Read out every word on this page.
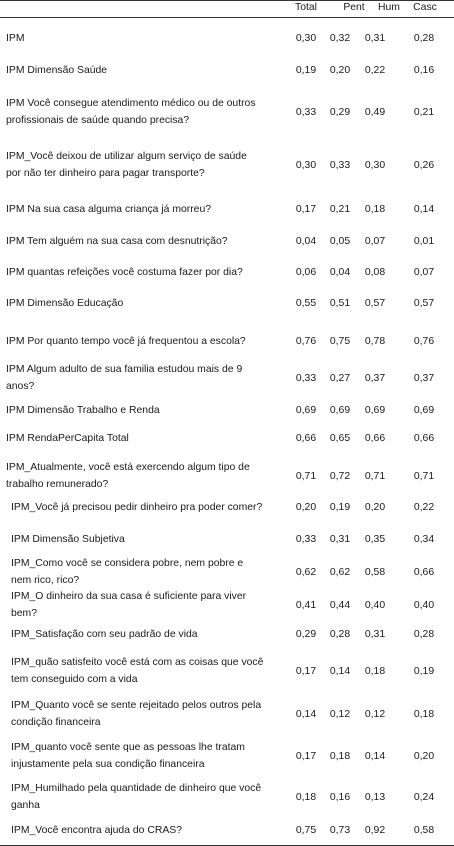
Total	Pent	Hum	Casc
IPM	0,30	0,32	0,31	0,28
IPM Dimensão Saúde	0,19	0,20	0,22	0,16
IPM Você consegue atendimento médico ou de outros
profissionais de saúde quando precisa?
0,33	0,29	0,49	0,21
IPM_Você deixou de utilizar algum serviço de saúde
por não ter dinheiro para pagar transporte?
0,30	0,33	0,30	0,26
IPM Na sua casa alguma criança já morreu?	0,17	0,21	0,18	0,14
IPM Tem alguém na sua casa com desnutrição?	0,04	0,05	0,07	0,01
IPM quantas refeições você costuma fazer por dia?	0,06	0,04	0,08	0,07
IPM Dimensão Educação	0,55	0,51	0,57	0,57
IPM Por quanto tempo você já frequentou a escola?	0,76	0,75	0,78	0,76
IPM Algum adulto de sua familia estudou mais de 9
anos?
0,33	0,27	0,37	0,37
IPM Dimensão Trabalho e Renda	0,69	0,69	0,69	0,69
IPM RendaPerCapita Total	0,66	0,65	0,66	0,66
IPM_Atualmente, você está exercendo algum tipo de
trabalho remunerado?
0,71	0,72	0,71	0,71
IPM_Você já precisou pedir dinheiro pra poder comer?	0,20	0,19	0,20	0,22
IPM Dimensão Subjetiva	0,33	0,31	0,35	0,34
IPM_Como você se considera pobre, nem pobre e
nem rico, rico?
0,62	0,62	0,58	0,66
IPM_O dinheiro da sua casa é suficiente para viver
bem?
0,41	0,44	0,40	0,40
IPM_Satisfação com seu padrão de vida	0,29	0,28	0,31	0,28
IPM_quão satisfeito você está com as coisas que você
tem conseguido com a vida
0,17	0,14	0,18	0,19
IPM_Quanto você se sente rejeitado pelos outros pela
condição financeira
0,14	0,12	0,12	0,18
IPM_quanto você sente que as pessoas lhe tratam
injustamente pela sua condição financeira
0,17	0,18	0,14	0,20
IPM_Humilhado pela quantidade de dinheiro que você
ganha
0,18	0,16	0,13	0,24
IPM_Você encontra ajuda do CRAS?	0,75	0,73	0,92	0,58
